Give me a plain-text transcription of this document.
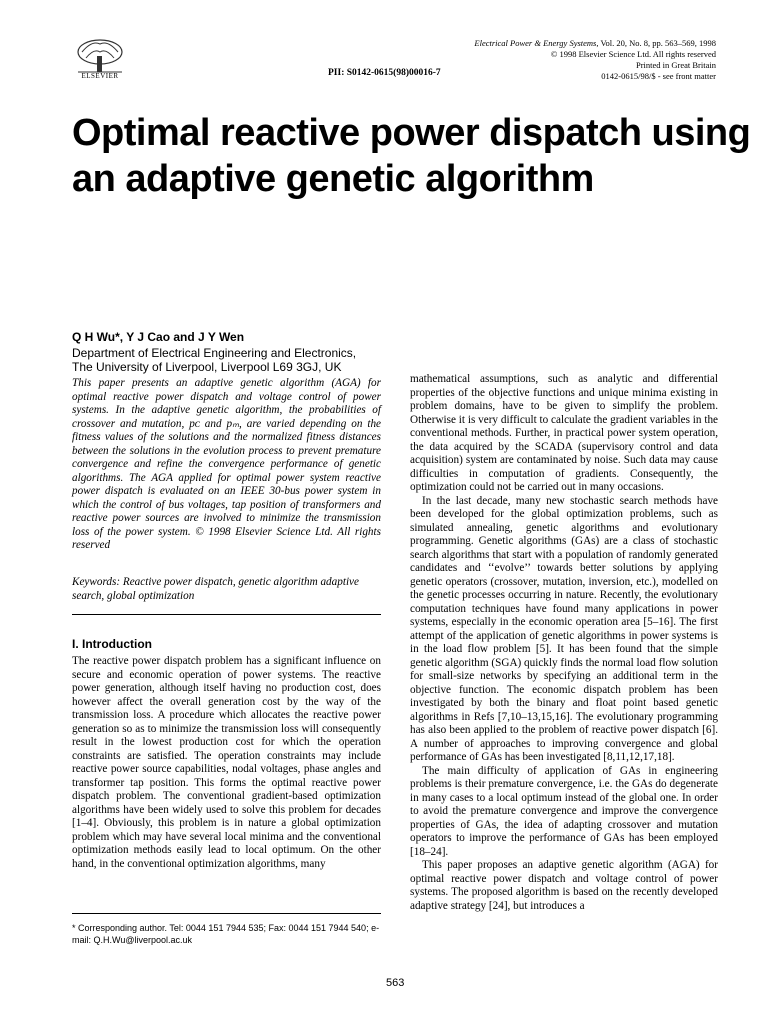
ELSEVIER	PII: S0142-0615(98)00016-7
Electrical Power & Energy Systems, Vol. 20, No. 8, pp. 563–569, 1998
© 1998 Elsevier Science Ltd. All rights reserved
Printed in Great Britain
0142-0615/98/$ - see front matter
Optimal reactive power dispatch using an adaptive genetic algorithm
Q H Wu*, Y J Cao and J Y Wen
Department of Electrical Engineering and Electronics,
The University of Liverpool, Liverpool L69 3GJ, UK

This paper presents an adaptive genetic algorithm (AGA) for optimal reactive power dispatch and voltage control of power systems. In the adaptive genetic algorithm, the probabilities of crossover and mutation, pᴄ and pₘ, are varied depending on the fitness values of the solutions and the normalized fitness distances between the solutions in the evolution process to prevent premature convergence and refine the convergence performance of genetic algorithms. The AGA applied for optimal power system reactive power dispatch is evaluated on an IEEE 30-bus power system in which the control of bus voltages, tap position of transformers and reactive power sources are involved to minimize the transmission loss of the power system. © 1998 Elsevier Science Ltd. All rights reserved

Keywords: Reactive power dispatch, genetic algorithm adaptive search, global optimization
I. Introduction

The reactive power dispatch problem has a significant influence on secure and economic operation of power systems. The reactive power generation, although itself having no production cost, does however affect the overall generation cost by the way of the transmission loss. A procedure which allocates the reactive power generation so as to minimize the transmission loss will consequently result in the lowest production cost for which the operation constraints are satisfied. The operation constraints may include reactive power source capabilities, nodal voltages, phase angles and transformer tap position. This forms the optimal reactive power dispatch problem. The conventional gradient-based optimization algorithms have been widely used to solve this problem for decades [1–4]. Obviously, this problem is in nature a global optimization problem which may have several local minima and the conventional optimization methods easily lead to local optimum. On the other hand, in the conventional optimization algorithms, many

* Corresponding author. Tel: 0044 151 7944 535; Fax: 0044 151 7944 540; e-mail: Q.H.Wu@liverpool.ac.uk

mathematical assumptions, such as analytic and differential properties of the objective functions and unique minima existing in problem domains, have to be given to simplify the problem. Otherwise it is very difficult to calculate the gradient variables in the conventional methods. Further, in practical power system operation, the data acquired by the SCADA (supervisory control and data acquisition) system are contaminated by noise. Such data may cause difficulties in computation of gradients. Consequently, the optimization could not be carried out in many occasions.

In the last decade, many new stochastic search methods have been developed for the global optimization problems, such as simulated annealing, genetic algorithms and evolutionary programming. Genetic algorithms (GAs) are a class of stochastic search algorithms that start with a population of randomly generated candidates and ‘‘evolve’’ towards better solutions by applying genetic operators (crossover, mutation, inversion, etc.), modelled on the genetic processes occurring in nature. Recently, the evolutionary computation techniques have found many applications in power systems, especially in the economic operation area [5–16]. The first attempt of the application of genetic algorithms in power systems is in the load flow problem [5]. It has been found that the simple genetic algorithm (SGA) quickly finds the normal load flow solution for small-size networks by specifying an additional term in the objective function. The economic dispatch problem has been investigated by both the binary and float point based genetic algorithms in Refs [7,10–13,15,16]. The evolutionary programming has also been applied to the problem of reactive power dispatch [6]. A number of approaches to improving convergence and global performance of GAs has been investigated [8,11,12,17,18].

The main difficulty of application of GAs in engineering problems is their premature convergence, i.e. the GAs do degenerate in many cases to a local optimum instead of the global one. In order to avoid the premature convergence and improve the convergence properties of GAs, the idea of adapting crossover and mutation operators to improve the performance of GAs has been employed [18–24].

This paper proposes an adaptive genetic algorithm (AGA) for optimal reactive power dispatch and voltage control of power systems. The proposed algorithm is based on the recently developed adaptive strategy [24], but introduces a

563
